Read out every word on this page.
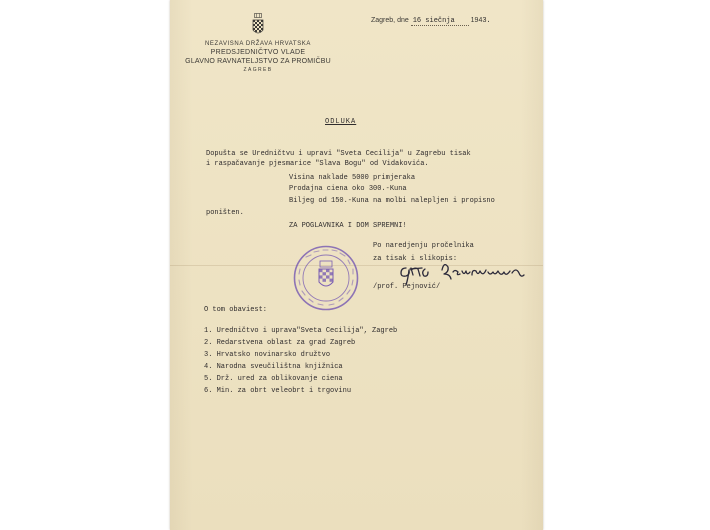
NEZAVISNA DRŽAVA HRVATSKA
PREDSJEDNIČTVO VLADE
GLAVNO RAVNATELJSTVO ZA PROMIČBU
ZAGREB
Zagreb, dne 16 siečnja 1943.
ODLUKA
Dopušta se Uredničtvu i upravi "Sveta Cecilija" u Zagrebu tisak
i raspačavanje pjesmarice "Slava Bogu" od Vidakovića.
Visina naklade 5000 primjeraka
Prodajna ciena oko 300.-Kuna
Biljeg od 150.-Kuna na molbi nalepljen i propisno
poništen.
ZA POGLAVNIKA I DOM SPREMNI!
Po naredjenju pročelnika
za tisak i slikopis:
/prof. Pejnović/
O tom obaviest:
1. Uredničtvo i uprava"Sveta Cecilija", Zagreb
2. Redarstvena oblast za grad Zagreb
3. Hrvatsko novinarsko družtvo
4. Narodna sveučilištna knjižnica
5. Drž. ured za oblikovanje ciena
6. Min. za obrt veleobrt i trgovinu
